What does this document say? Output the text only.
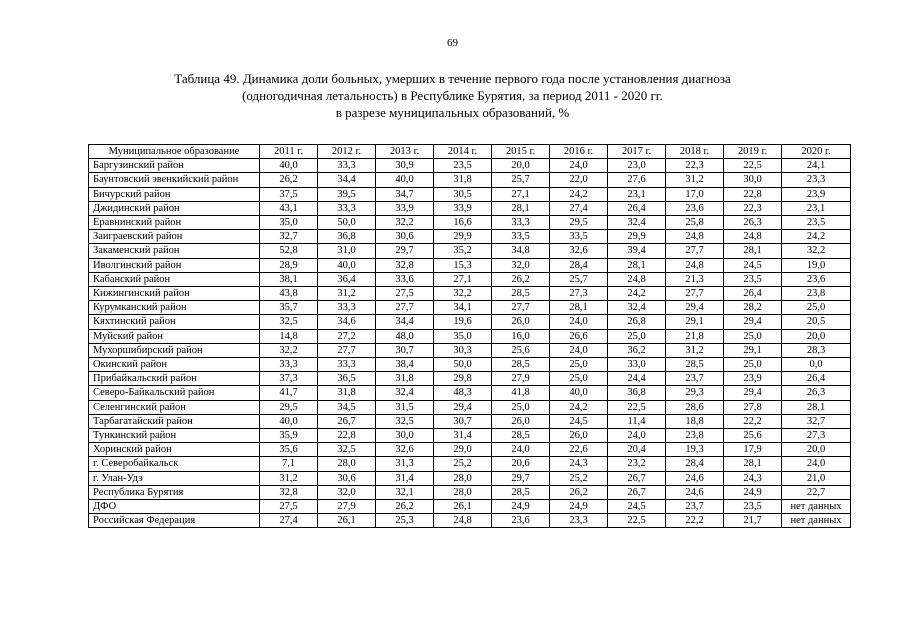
69
Таблица 49. Динамика доли больных, умерших в течение первого года после установления диагноза
(одногодичная летальность) в Республике Бурятия, за период 2011 - 2020 гг.
в разрезе муниципальных образований, %
Муниципальное образование	2011 г.	2012 г.	2013 г.	2014 г.	2015 г.	2016 г.	2017 г.	2018 г.	2019 г.	2020 г.
Баргузинский район	40,0	33,3	30,9	23,5	20,0	24,0	23,0	22,3	22,5	24,1
Баунтовский эвенкийский район	26,2	34,4	40,0	31,8	25,7	22,0	27,6	31,2	30,0	23,3
Бичурский район	37,5	39,5	34,7	30,5	27,1	24,2	23,1	17,0	22,8	23,9
Джидинский район	43,1	33,3	33,9	33,9	28,1	27,4	26,4	23,6	22,3	23,1
Еравнинский район	35,0	50,0	32,2	16,6	33,3	29,5	32,4	25,8	26,3	23,5
Заиграевский район	32,7	36,8	30,6	29,9	33,5	33,5	29,9	24,8	24,8	24,2
Закаменский район	52,8	31,0	29,7	35,2	34,8	32,6	39,4	27,7	28,1	32,2
Иволгинский район	28,9	40,0	32,8	15,3	32,0	28,4	28,1	24,8	24,5	19,0
Кабанский район	38,1	36,4	33,6	27,1	26,2	25,7	24,8	21,3	23,5	23,6
Кижингинский район	43,8	31,2	27,5	32,2	28,5	27,3	24,2	27,7	26,4	23,8
Курумканский район	35,7	33,3	27,7	34,1	27,7	28,1	32,4	29,4	28,2	25,0
Кяхтинский район	32,5	34,6	34,4	19,6	26,0	24,0	26,8	29,1	29,4	20,5
Муйский район	14,8	27,2	48,0	35,0	16,0	26,6	25,0	21,8	25,0	20,0
Мухоршибирский район	32,2	27,7	30,7	30,3	25,6	24,0	36,2	31,2	29,1	28,3
Окинский район	33,3	33,3	38,4	50,0	28,5	25,0	33,0	28,5	25,0	0,0
Прибайкальский район	37,3	36,5	31,8	29,8	27,9	25,0	24,4	23,7	23,9	26,4
Северо-Байкальский район	41,7	31,8	32,4	48,3	41,8	40,0	36,8	29,3	29,4	26,3
Селенгинский район	29,5	34,5	31,5	29,4	25,0	24,2	22,5	28,6	27,8	28,1
Тарбагатайский район	40,0	26,7	32,5	30,7	26,0	24,5	11,4	18,8	22,2	32,7
Тункинский район	35,9	22,8	30,0	31,4	28,5	26,0	24,0	23,8	25,6	27,3
Хоринский район	35,6	32,5	32,6	29,0	24,0	22,6	20,4	19,3	17,9	20,0
г. Северобайкальск	7,1	28,0	31,3	25,2	20,6	24,3	23,2	28,4	28,1	24,0
г. Улан-Удэ	31,2	30,6	31,4	28,0	29,7	25,2	26,7	24,6	24,3	21,0
Республика Бурятия	32,8	32,0	32,1	28,0	28,5	26,2	26,7	24,6	24,9	22,7
ДФО	27,5	27,9	26,2	26,1	24,9	24,9	24,5	23,7	23,5	нет данных
Российская Федерация	27,4	26,1	25,3	24,8	23,6	23,3	22,5	22,2	21,7	нет данных
